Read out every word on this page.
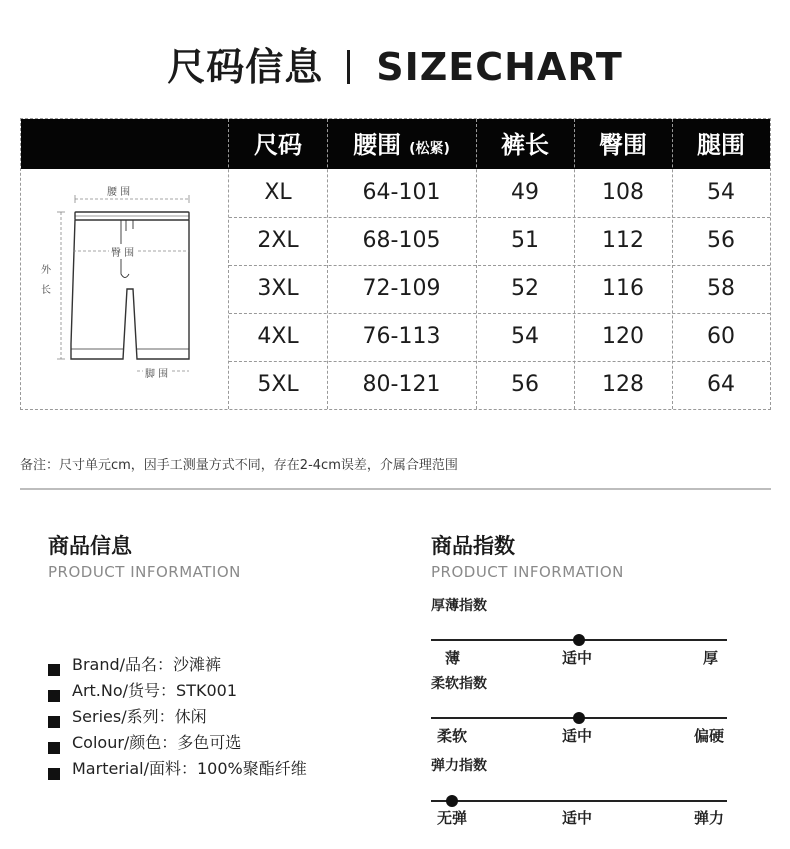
尺码信息 SIZECHART
尺码	腰围 (松紧)	裤长	臀围	腿围
XL	64-101	49	108	54
2XL	68-105	51	112	56
3XL	72-109	52	116	58
4XL	76-113	54	120	60
5XL	80-121	56	128	64
腰 围
臀 围
外
长
脚 围
备注：尺寸单元cm，因手工测量方式不同，存在2-4cm误差，介属合理范围
商品信息
PRODUCT INFORMATION
Brand/品名：沙滩裤
Art.No/货号：STK001
Series/系列：休闲
Colour/颜色：多色可选
Marterial/面料：100%聚酯纤维
商品指数
PRODUCT INFORMATION
厚薄指数
薄	适中	厚
柔软指数
柔软	适中	偏硬
弹力指数
无弹	适中	弹力
